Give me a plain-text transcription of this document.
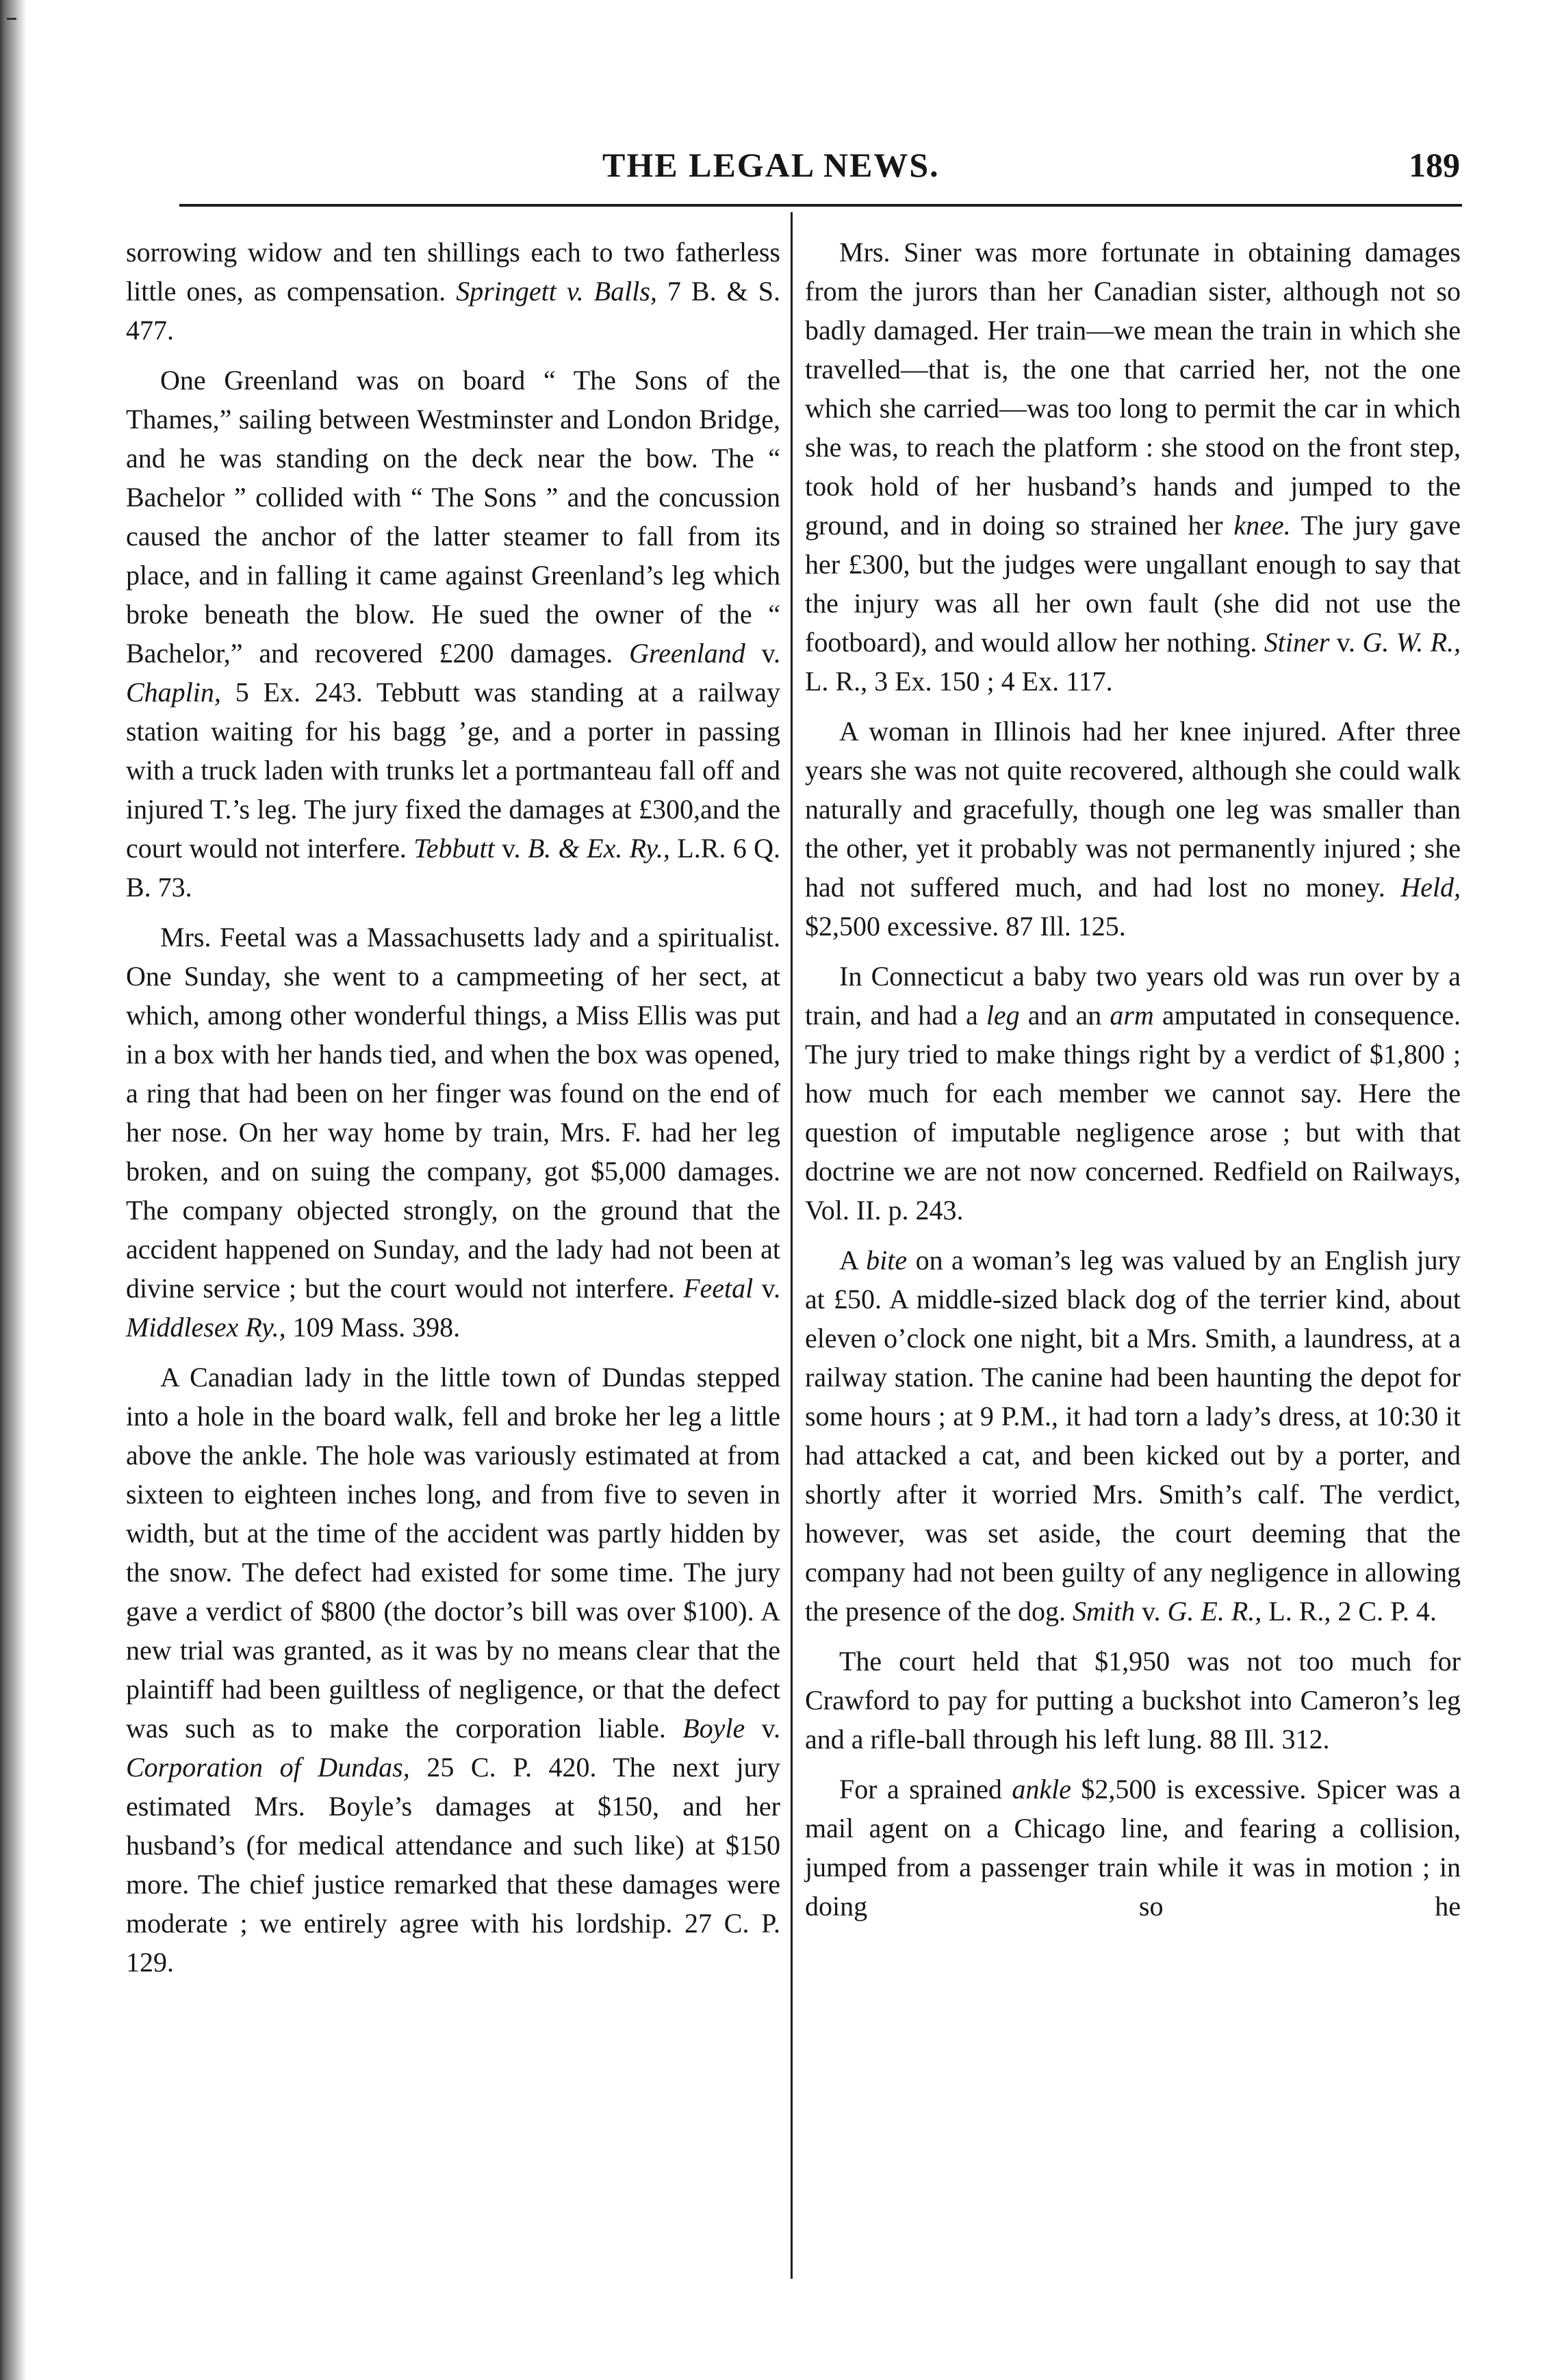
THE LEGAL NEWS.	189

sorrowing widow and ten shillings each to two fatherless little ones, as compensation. Springett v. Balls, 7 B. & S. 477.

One Greenland was on board “ The Sons of the Thames,” sailing between Westminster and London Bridge, and he was standing on the deck near the bow. The “ Bachelor ” collided with “ The Sons ” and the concussion caused the anchor of the latter steamer to fall from its place, and in falling it came against Greenland’s leg which broke beneath the blow. He sued the owner of the “ Bachelor,” and recovered £200 damages. Greenland v. Chaplin, 5 Ex. 243. Tebbutt was standing at a railway station waiting for his bagg ’ge, and a porter in passing with a truck laden with trunks let a portmanteau fall off and injured T.’s leg. The jury fixed the damages at £300,and the court would not interfere. Tebbutt v. B. & Ex. Ry., L.R. 6 Q. B. 73.

Mrs. Feetal was a Massachusetts lady and a spiritualist. One Sunday, she went to a campmeeting of her sect, at which, among other wonderful things, a Miss Ellis was put in a box with her hands tied, and when the box was opened, a ring that had been on her finger was found on the end of her nose. On her way home by train, Mrs. F. had her leg broken, and on suing the company, got $5,000 damages. The company objected strongly, on the ground that the accident happened on Sunday, and the lady had not been at divine service ; but the court would not interfere. Feetal v. Middlesex Ry., 109 Mass. 398.

A Canadian lady in the little town of Dundas stepped into a hole in the board walk, fell and broke her leg a little above the ankle. The hole was variously estimated at from sixteen to eighteen inches long, and from five to seven in width, but at the time of the accident was partly hidden by the snow. The defect had existed for some time. The jury gave a verdict of $800 (the doctor’s bill was over $100). A new trial was granted, as it was by no means clear that the plaintiff had been guiltless of negligence, or that the defect was such as to make the corporation liable. Boyle v. Corporation of Dundas, 25 C. P. 420. The next jury estimated Mrs. Boyle’s damages at $150, and her husband’s (for medical attendance and such like) at $150 more. The chief justice remarked that these damages were moderate ; we entirely agree with his lordship. 27 C. P. 129.

Mrs. Siner was more fortunate in obtaining damages from the jurors than her Canadian sister, although not so badly damaged. Her train—we mean the train in which she travelled—that is, the one that carried her, not the one which she carried—was too long to permit the car in which she was, to reach the platform : she stood on the front step, took hold of her husband’s hands and jumped to the ground, and in doing so strained her knee. The jury gave her £300, but the judges were ungallant enough to say that the injury was all her own fault (she did not use the footboard), and would allow her nothing. Stiner v. G. W. R., L. R., 3 Ex. 150 ; 4 Ex. 117.

A woman in Illinois had her knee injured. After three years she was not quite recovered, although she could walk naturally and gracefully, though one leg was smaller than the other, yet it probably was not permanently injured ; she had not suffered much, and had lost no money. Held, $2,500 excessive. 87 Ill. 125.

In Connecticut a baby two years old was run over by a train, and had a leg and an arm amputated in consequence. The jury tried to make things right by a verdict of $1,800 ; how much for each member we cannot say. Here the question of imputable negligence arose ; but with that doctrine we are not now concerned. Redfield on Railways, Vol. II. p. 243.

A bite on a woman’s leg was valued by an English jury at £50. A middle-sized black dog of the terrier kind, about eleven o’clock one night, bit a Mrs. Smith, a laundress, at a railway station. The canine had been haunting the depot for some hours ; at 9 P.M., it had torn a lady’s dress, at 10:30 it had attacked a cat, and been kicked out by a porter, and shortly after it worried Mrs. Smith’s calf. The verdict, however, was set aside, the court deeming that the company had not been guilty of any negligence in allowing the presence of the dog. Smith v. G. E. R., L. R., 2 C. P. 4.

The court held that $1,950 was not too much for Crawford to pay for putting a buckshot into Cameron’s leg and a rifle-ball through his left lung. 88 Ill. 312.

For a sprained ankle $2,500 is excessive. Spicer was a mail agent on a Chicago line, and fearing a collision, jumped from a passenger train while it was in motion ; in doing so he
